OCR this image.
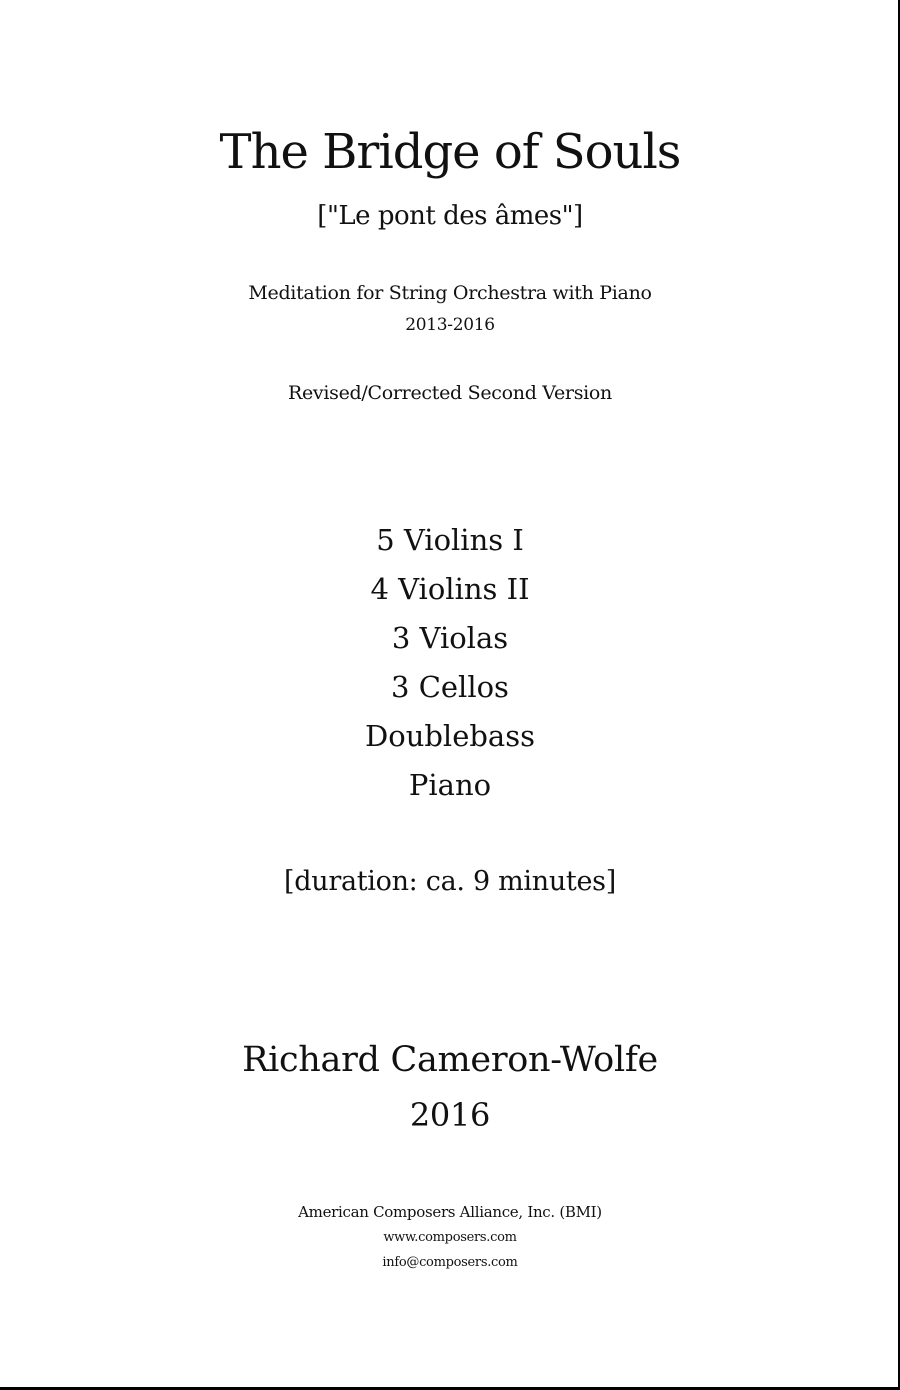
The Bridge of Souls
["Le pont des âmes"]
Meditation for String Orchestra with Piano
2013-2016
Revised/Corrected Second Version
5 Violins I
4 Violins II
3 Violas
3 Cellos
Doublebass
Piano
[duration: ca. 9 minutes]
Richard Cameron-Wolfe
2016
American Composers Alliance, Inc. (BMI)
www.composers.com
info@composers.com
